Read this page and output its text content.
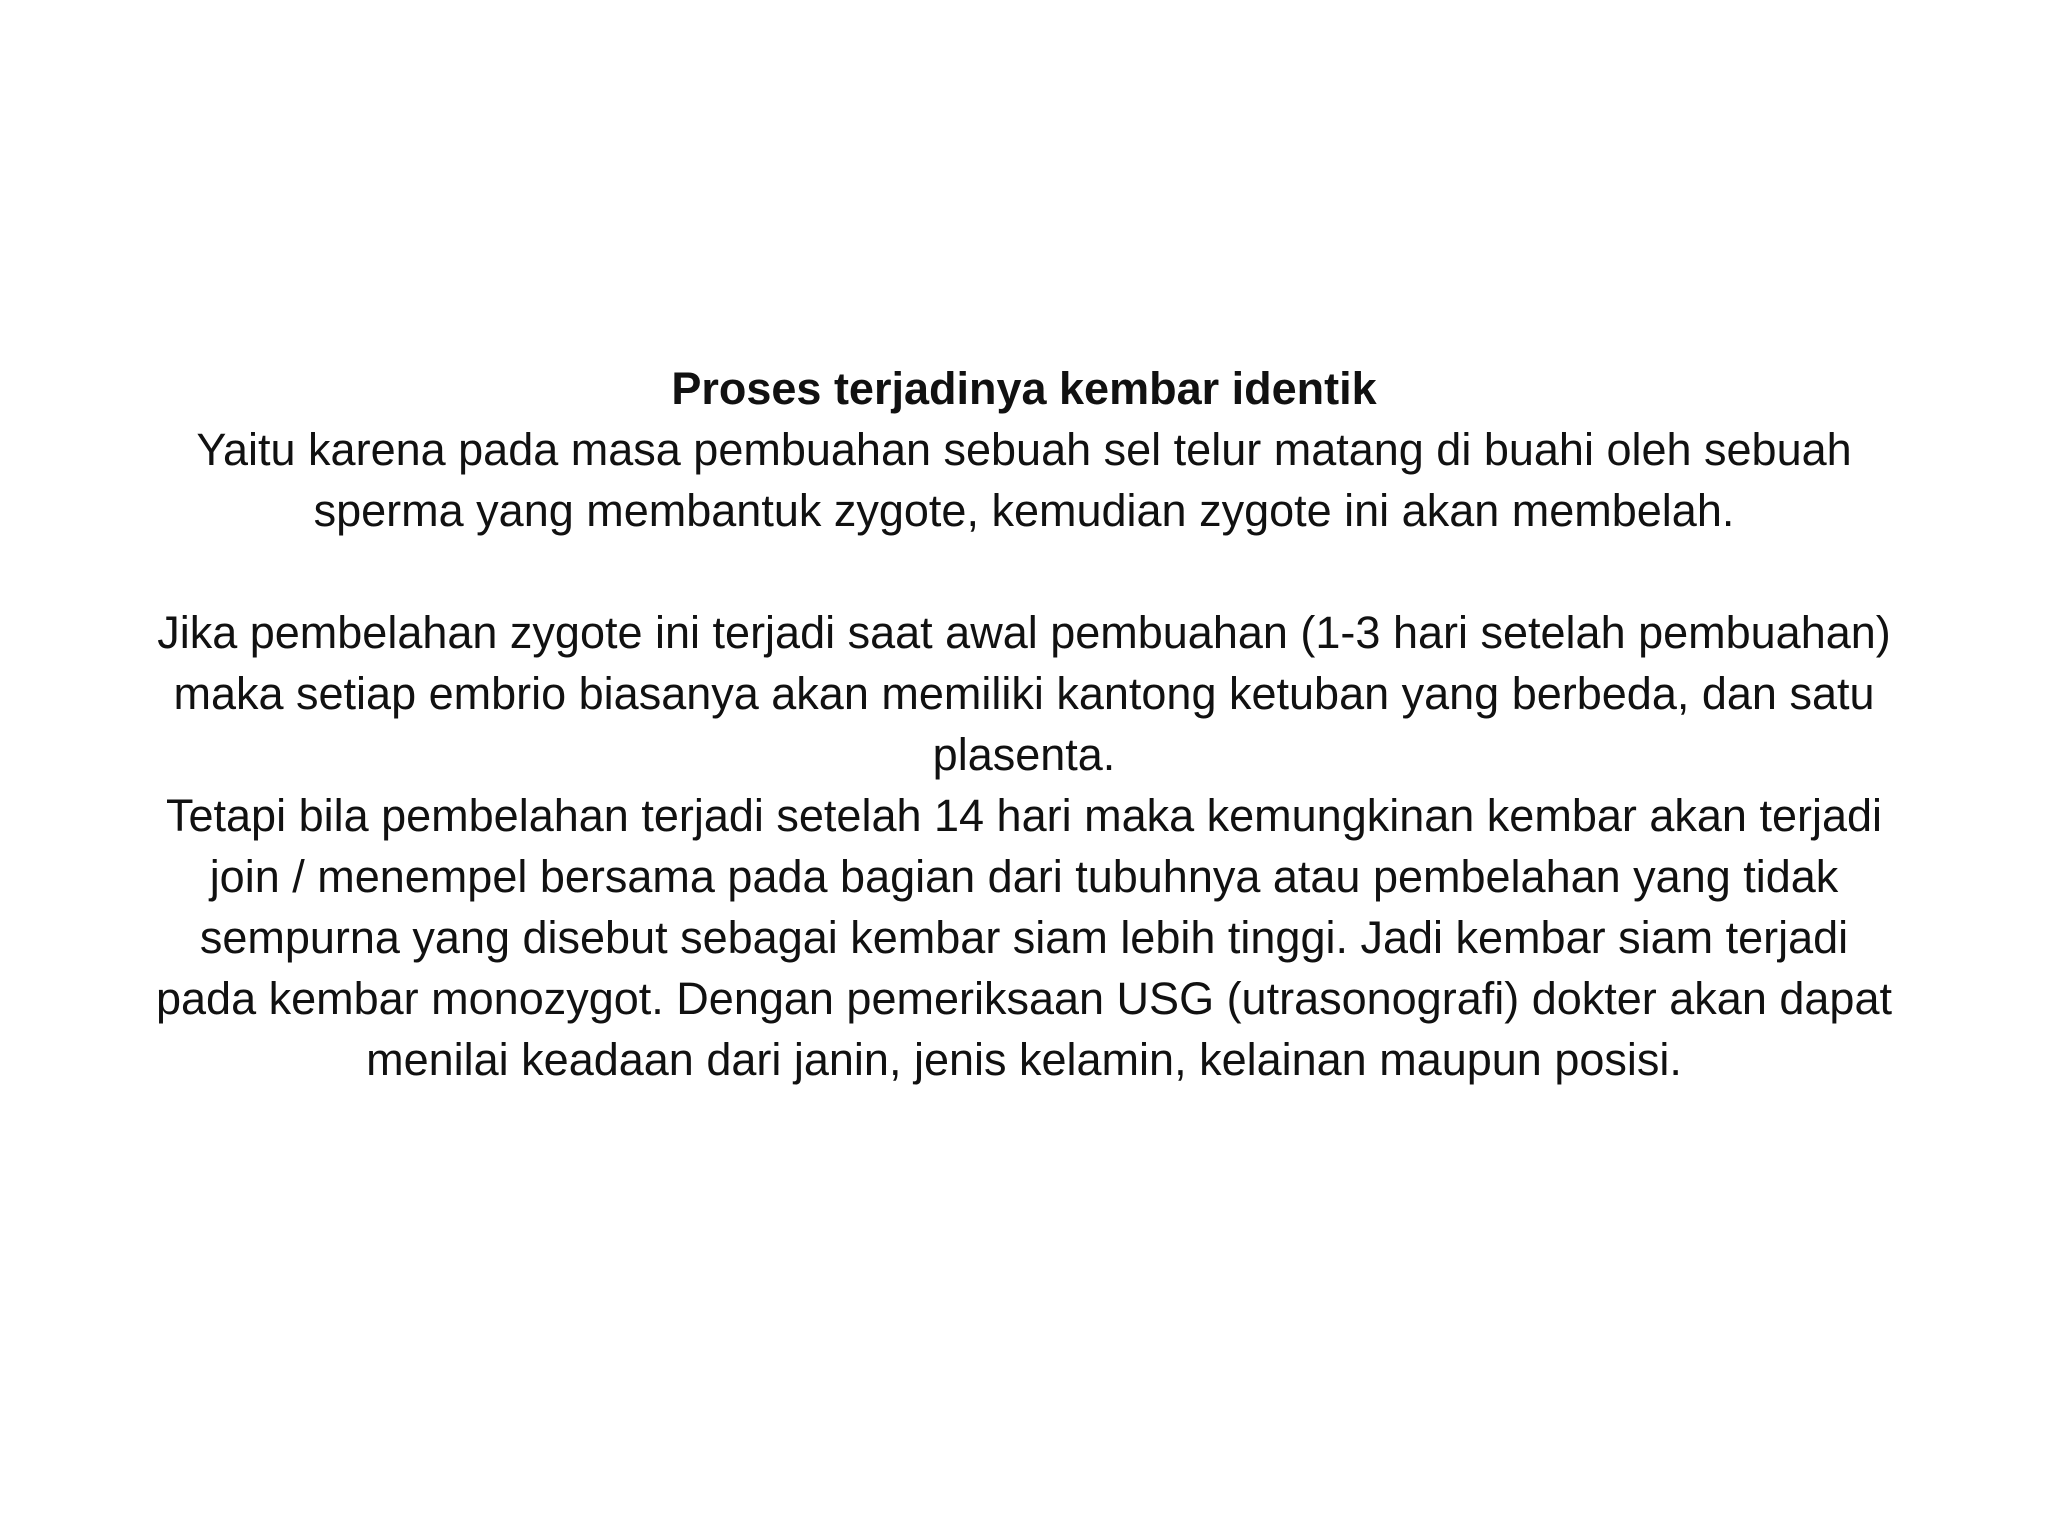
Proses terjadinya kembar identik
Yaitu karena pada masa pembuahan sebuah sel telur matang di buahi oleh sebuah
sperma yang membantuk zygote, kemudian zygote ini akan membelah.
Jika pembelahan zygote ini terjadi saat awal pembuahan (1-3 hari setelah pembuahan)
maka setiap embrio biasanya akan memiliki kantong ketuban yang berbeda, dan satu
plasenta.
Tetapi bila pembelahan terjadi setelah 14 hari maka kemungkinan kembar akan terjadi
join / menempel bersama pada bagian dari tubuhnya atau pembelahan yang tidak
sempurna yang disebut sebagai kembar siam lebih tinggi. Jadi kembar siam terjadi
pada kembar monozygot. Dengan pemeriksaan USG (utrasonografi) dokter akan dapat
menilai keadaan dari janin, jenis kelamin, kelainan maupun posisi.
